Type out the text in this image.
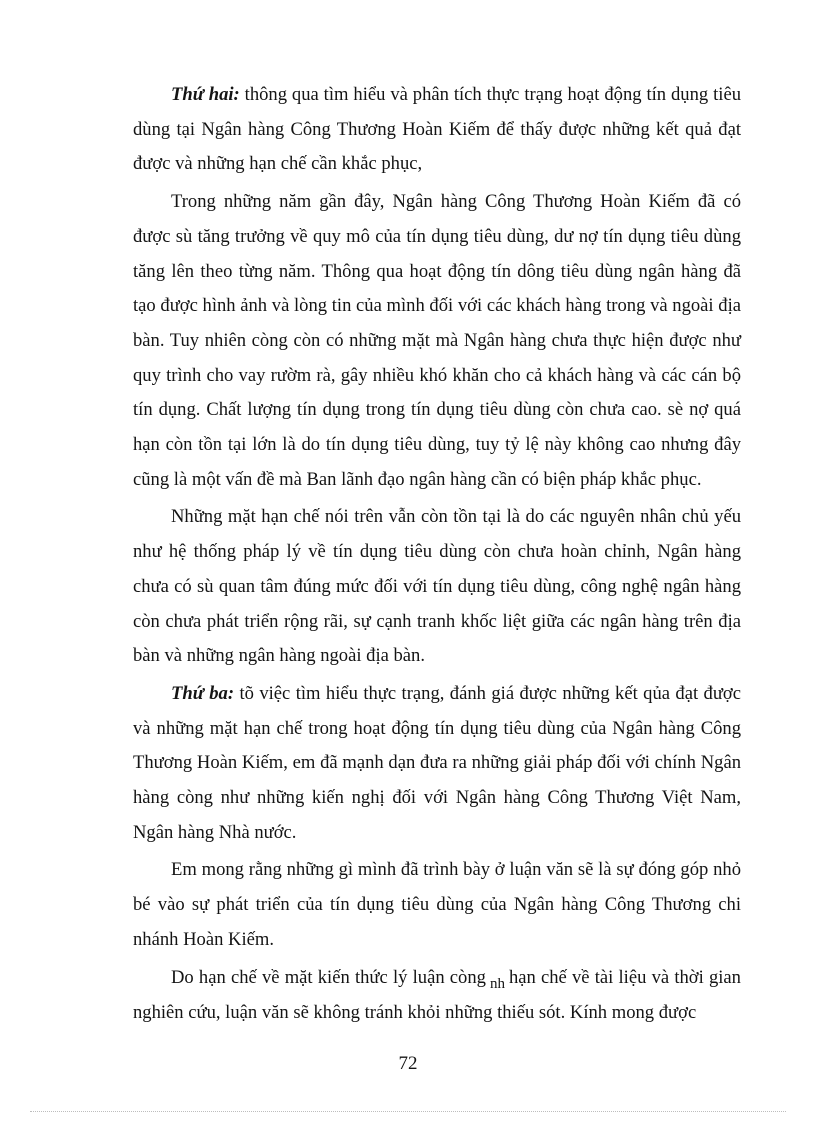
Thứ hai: thông qua tìm hiểu và phân tích thực trạng hoạt động tín dụng tiêu dùng tại Ngân hàng Công Thương Hoàn Kiếm để thấy được những kết quả đạt được và những hạn chế cần khắc phục,

Trong những năm gần đây, Ngân hàng Công Thương Hoàn Kiếm đã có được sù tăng trưởng về quy mô của tín dụng tiêu dùng, dư nợ tín dụng tiêu dùng tăng lên theo từng năm. Thông qua hoạt động tín dông tiêu dùng ngân hàng đã tạo được hình ảnh và lòng tin của mình đối với các khách hàng trong và ngoài địa bàn. Tuy nhiên còng còn có những mặt mà Ngân hàng chưa thực hiện được như quy trình cho vay rườm rà, gây nhiều khó khăn cho cả khách hàng và các cán bộ tín dụng. Chất lượng tín dụng trong tín dụng tiêu dùng còn chưa cao. sè nợ quá hạn còn tồn tại lớn là do tín dụng tiêu dùng, tuy tỷ lệ này không cao nhưng đây cũng là một vấn đề mà Ban lãnh đạo ngân hàng cần có biện pháp khắc phục.

Những mặt hạn chế nói trên vẫn còn tồn tại là do các nguyên nhân chủ yếu như hệ thống pháp lý về tín dụng tiêu dùng còn chưa hoàn chỉnh, Ngân hàng chưa có sù quan tâm đúng mức đối với tín dụng tiêu dùng, công nghệ ngân hàng còn chưa phát triển rộng rãi, sự cạnh tranh khốc liệt giữa các ngân hàng trên địa bàn và những ngân hàng ngoài địa bàn.

Thứ ba: tõ việc tìm hiểu thực trạng, đánh giá được những kết qủa đạt được và những mặt hạn chế trong hoạt động tín dụng tiêu dùng của Ngân hàng Công Thương Hoàn Kiếm, em đã mạnh dạn đưa ra những giải pháp đối với chính Ngân hàng còng như những kiến nghị đối với Ngân hàng Công Thương Việt Nam, Ngân hàng Nhà nước.

Em mong rằng những gì mình đã trình bày ở luận văn sẽ là sự đóng góp nhỏ bé vào sự phát triển của tín dụng tiêu dùng của Ngân hàng Công Thương chi nhánh Hoàn Kiếm.

Do hạn chế về mặt kiến thức lý luận còng $_{nh}$ hạn chế về tài liệu và thời gian nghiên cứu, luận văn sẽ không tránh khỏi những thiếu sót. Kính mong được

72
